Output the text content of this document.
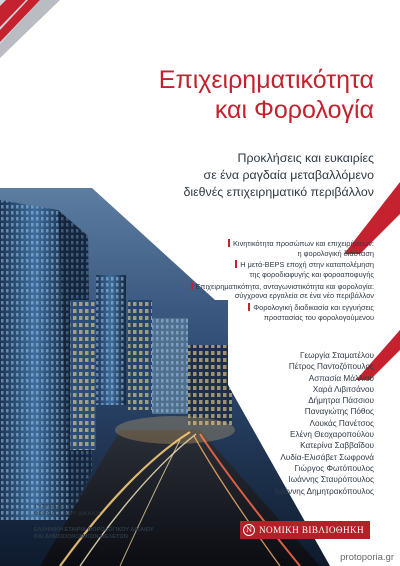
Επιχειρηματικότητα
και Φορολογία

Προκλήσεις και ευκαιρίες

σε ένα ραγδαία μεταβαλλόμενο

διεθνές επιχειρηματικό περιβάλλον

Κινητικότητα προσώπων και επιχειρήσεων:
η φορολογική διάσταση
Η μετά-BEPS εποχή στην καταπολέμηση
της φοροδιαφυγής και φοροαποφυγής
Επιχειρηματικότητα, ανταγωνιστικότητα και φορολογία:
σύγχρονα εργαλεία σε ένα νέο περιβάλλον
Φορολογική διαδικασία και εγγυήσεις
προστασίας του φορολογούμενου
Γεωργία Σταματέλου
Πέτρος Παντοζόπουλος
Ασπασία Μάλλιου
Χαρά Λιβιτσάνου
Δήμητρα Πάσσιου
Παναγιώτης Πόθος
Λουκάς Πανέτσος
Ελένη Θεοχαροπούλου
Κατερίνα Σαββαΐδου
Λυδία-Ελισάβετ Σωφρονά
Γιώργος Φωτόπουλος
Ιωάννης Σταυρόπουλος
Ιωάννης Δημητρακόπουλος
1° ΣΥΝΕΔΡΙΟ
ΦΟΡΟΛΟΓΙΚΟΥ ΔΙΚΑΙΟΥ
ΕΛΛΗΝΙΚΗ ΕΤΑΙΡΙΑ ΦΟΡΟΛΟΓΙΚΟΥ ΔΙΚΑΙΟΥ
ΚΑΙ ΔΗΜΟΣΙΟΝΟΜΙΚΩΝ ΜΕΛΕΤΩΝ
Ν ΝΟΜΙΚΗ ΒΙΒΛΙΟΘΗΚΗ
protoporia.gr
